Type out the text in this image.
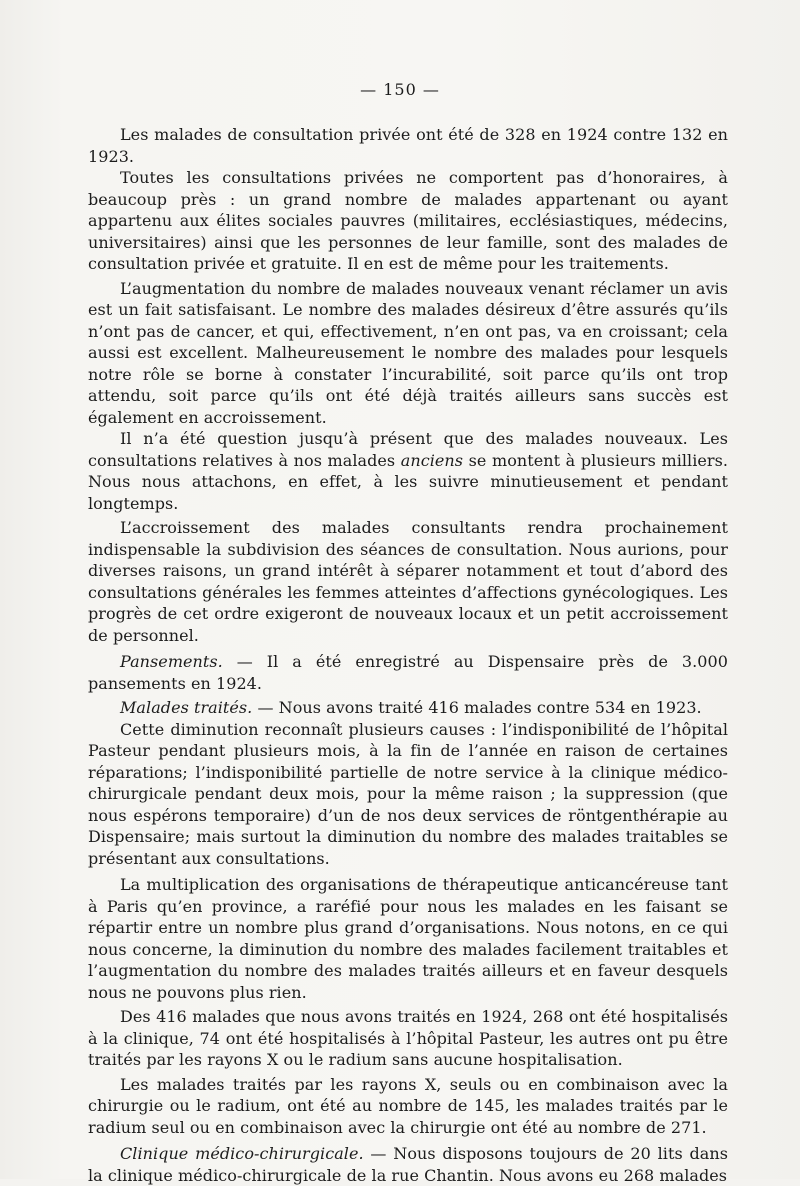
— 150 —

Les malades de consultation privée ont été de 328 en 1924 contre 132 en 1923.

Toutes les consultations privées ne comportent pas d’honoraires, à beaucoup près : un grand nombre de malades appartenant ou ayant appartenu aux élites sociales pauvres (militaires, ecclésiastiques, médecins, universitaires) ainsi que les personnes de leur famille, sont des malades de consultation privée et gratuite. Il en est de même pour les traitements.

L’augmentation du nombre de malades nouveaux venant réclamer un avis est un fait satisfaisant. Le nombre des malades désireux d’être assurés qu’ils n’ont pas de cancer, et qui, effectivement, n’en ont pas, va en croissant; cela aussi est excellent. Malheureusement le nombre des malades pour lesquels notre rôle se borne à constater l’incurabilité, soit parce qu’ils ont trop attendu, soit parce qu’ils ont été déjà traités ailleurs sans succès est également en accroissement.

Il n’a été question jusqu’à présent que des malades nouveaux. Les consultations relatives à nos malades anciens se montent à plusieurs milliers. Nous nous attachons, en effet, à les suivre minutieusement et pendant longtemps.

L’accroissement des malades consultants rendra prochainement indispensable la subdivision des séances de consultation. Nous aurions, pour diverses raisons, un grand intérêt à séparer notamment et tout d’abord des consultations générales les femmes atteintes d’affections gynécologiques. Les progrès de cet ordre exigeront de nouveaux locaux et un petit accroissement de personnel.

Pansements. — Il a été enregistré au Dispensaire près de 3.000 pansements en 1924.

Malades traités. — Nous avons traité 416 malades contre 534 en 1923.

Cette diminution reconnaît plusieurs causes : l’indisponibilité de l’hôpital Pasteur pendant plusieurs mois, à la fin de l’année en raison de certaines réparations; l’indisponibilité partielle de notre service à la clinique médico-chirurgicale pendant deux mois, pour la même raison ; la suppression (que nous espérons temporaire) d’un de nos deux services de röntgenthérapie au Dispensaire; mais surtout la diminution du nombre des malades traitables se présentant aux consultations.

La multiplication des organisations de thérapeutique anticancéreuse tant à Paris qu’en province, a raréfié pour nous les malades en les faisant se répartir entre un nombre plus grand d’organisations. Nous notons, en ce qui nous concerne, la diminution du nombre des malades facilement traitables et l’augmentation du nombre des malades traités ailleurs et en faveur desquels nous ne pouvons plus rien.

Des 416 malades que nous avons traités en 1924, 268 ont été hospitalisés à la clinique, 74 ont été hospitalisés à l’hôpital Pasteur, les autres ont pu être traités par les rayons X ou le radium sans aucune hospitalisation.

Les malades traités par les rayons X, seuls ou en combinaison avec la chirurgie ou le radium, ont été au nombre de 145, les malades traités par le radium seul ou en combinaison avec la chirurgie ont été au nombre de 271.

Clinique médico-chirurgicale. — Nous disposons toujours de 20 lits dans la clinique médico-chirurgicale de la rue Chantin. Nous avons eu 268 malades
